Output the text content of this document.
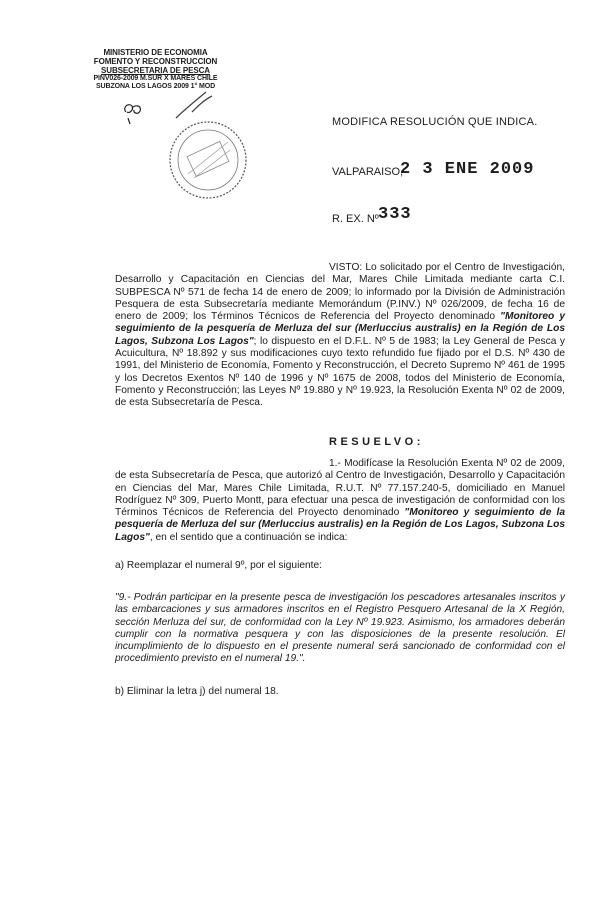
MINISTERIO DE ECONOMIA
FOMENTO Y RECONSTRUCCION
SUBSECRETARIA DE PESCA
PINV026-2009 M.SUR X MARES CHILE
SUBZONA LOS LAGOS 2009 1° MOD
MODIFICA RESOLUCIÓN QUE INDICA.
VALPARAISO,
2 3 ENE 2009
R. EX. Nº 333
VISTO: Lo solicitado por el Centro de Investigación, Desarrollo y Capacitación en Ciencias del Mar, Mares Chile Limitada mediante carta C.I. SUBPESCA Nº 571 de fecha 14 de enero de 2009; lo informado por la División de Administración Pesquera de esta Subsecretaría mediante Memorándum (P.INV.) Nº 026/2009, de fecha 16 de enero de 2009; los Términos Técnicos de Referencia del Proyecto denominado "Monitoreo y seguimiento de la pesquería de Merluza del sur (Merluccius australis) en la Región de Los Lagos, Subzona Los Lagos"; lo dispuesto en el D.F.L. Nº 5 de 1983; la Ley General de Pesca y Acuicultura, Nº 18.892 y sus modificaciones cuyo texto refundido fue fijado por el D.S. Nº 430 de 1991, del Ministerio de Economía, Fomento y Reconstrucción, el Decreto Supremo Nº 461 de 1995 y los Decretos Exentos Nº 140 de 1996 y Nº 1675 de 2008, todos del Ministerio de Economía, Fomento y Reconstrucción; las Leyes Nº 19.880 y Nº 19.923, la Resolución Exenta Nº 02 de 2009, de esta Subsecretaría de Pesca.
RESUELVO:
1.- Modifícase la Resolución Exenta Nº 02 de 2009, de esta Subsecretaría de Pesca, que autorizó al Centro de Investigación, Desarrollo y Capacitación en Ciencias del Mar, Mares Chile Limitada, R.U.T. Nº 77.157.240-5, domiciliado en Manuel Rodríguez Nº 309, Puerto Montt, para efectuar una pesca de investigación de conformidad con los Términos Técnicos de Referencia del Proyecto denominado "Monitoreo y seguimiento de la pesquería de Merluza del sur (Merluccius australis) en la Región de Los Lagos, Subzona Los Lagos", en el sentido que a continuación se indica:
a) Reemplazar el numeral 9º, por el siguiente:
"9.- Podrán participar en la presente pesca de investigación los pescadores artesanales inscritos y las embarcaciones y sus armadores inscritos en el Registro Pesquero Artesanal de la X Región, sección Merluza del sur, de conformidad con la Ley Nº 19.923. Asimismo, los armadores deberán cumplir con la normativa pesquera y con las disposiciones de la presente resolución. El incumplimiento de lo dispuesto en el presente numeral será sancionado de conformidad con el procedimiento previsto en el numeral 19.".
b) Eliminar la letra j) del numeral 18.
